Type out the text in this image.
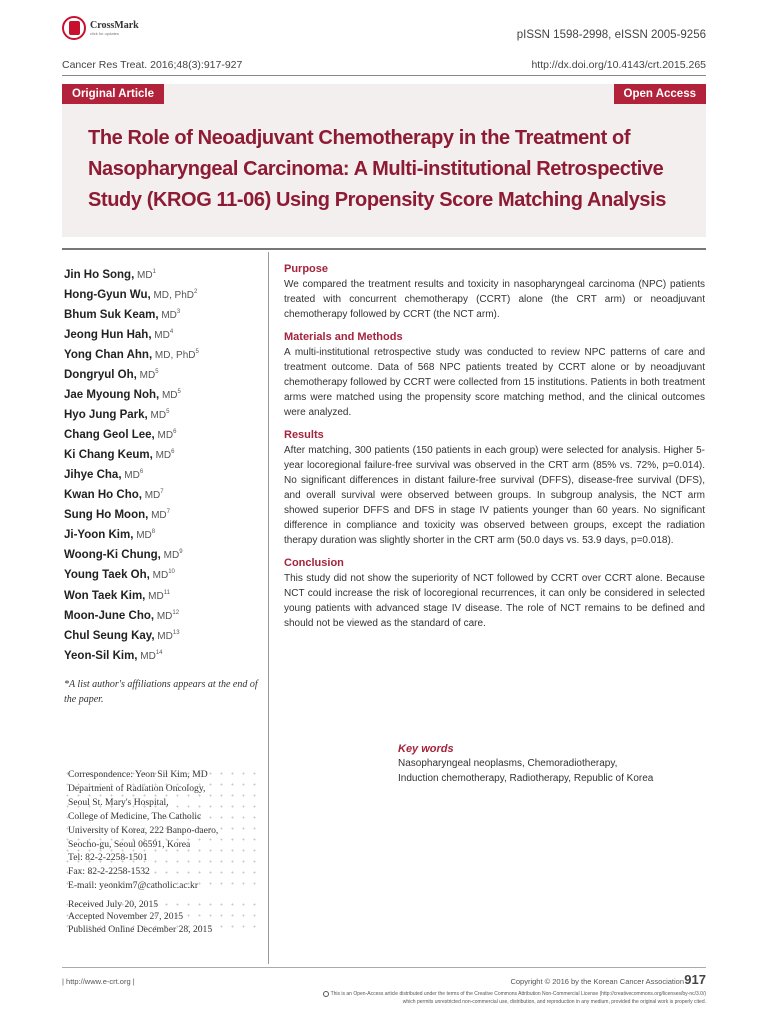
CrossMark
click for updates	pISSN 1598-2998, eISSN 2005-9256
Cancer Res Treat. 2016;48(3):917-927	http://dx.doi.org/10.4143/crt.2015.265
Original Article	Open Access
The Role of Neoadjuvant Chemotherapy in the Treatment of Nasopharyngeal Carcinoma: A Multi-institutional Retrospective Study (KROG 11-06) Using Propensity Score Matching Analysis
Jin Ho Song, $MD^1$
Hong-Gyun Wu, MD, PhD$^2$
Bhum Suk Keam, $MD^3$
Jeong Hun Hah, $MD^4$
Yong Chan Ahn, MD, PhD$^5$
Dongryul Oh, $MD^5$
Jae Myoung Noh, $MD^5$
Hyo Jung Park, $MD^5$
Chang Geol Lee, $MD^6$
Ki Chang Keum, $MD^6$
Jihye Cha, $MD^6$
Kwan Ho Cho, $MD^7$
Sung Ho Moon, $MD^7$
Ji-Yoon Kim, $MD^8$
Woong-Ki Chung, $MD^9$
Young Taek Oh, MD$^{10}$
Won Taek Kim, MD$^{11}$
Moon-June Cho, MD$^{12}$
Chul Seung Kay, MD$^{13}$
Yeon-Sil Kim, MD$^{14}$
*A list author's affiliations appears at the end of the paper.
Correspondence: Yeon Sil Kim, MD
Department of Radiation Oncology,
Seoul St. Mary's Hospital,
College of Medicine, The Catholic
University of Korea, 222 Banpo-daero,
Seocho-gu, Seoul 06591, Korea
Tel: 82-2-2258-1501
Fax: 82-2-2258-1532
E-mail: yeonkim7@catholic.ac.kr
Received July 20, 2015
Accepted November 27, 2015
Published Online December 28, 2015
Purpose
We compared the treatment results and toxicity in nasopharyngeal carcinoma (NPC) patients treated with concurrent chemotherapy (CCRT) alone (the CRT arm) or neoadjuvant chemotherapy followed by CCRT (the NCT arm).
Materials and Methods
A multi-institutional retrospective study was conducted to review NPC patterns of care and treatment outcome. Data of 568 NPC patients treated by CCRT alone or by neoadjuvant chemotherapy followed by CCRT were collected from 15 institutions. Patients in both treatment arms were matched using the propensity score matching method, and the clinical outcomes were analyzed.
Results
After matching, 300 patients (150 patients in each group) were selected for analysis. Higher 5-year locoregional failure-free survival was observed in the CRT arm (85% vs. 72%, p=0.014). No significant differences in distant failure-free survival (DFFS), disease-free survival (DFS), and overall survival were observed between groups. In subgroup analysis, the NCT arm showed superior DFFS and DFS in stage IV patients younger than 60 years. No significant difference in compliance and toxicity was observed between groups, except the radiation therapy duration was slightly shorter in the CRT arm (50.0 days vs. 53.9 days, p=0.018).
Conclusion
This study did not show the superiority of NCT followed by CCRT over CCRT alone. Because NCT could increase the risk of locoregional recurrences, it can only be considered in selected young patients with advanced stage IV disease. The role of NCT remains to be defined and should not be viewed as the standard of care.
Key words
Nasopharyngeal neoplasms, Chemoradiotherapy,
Induction chemotherapy, Radiotherapy, Republic of Korea
| http://www.e-crt.org |	Copyright © 2016 by the Korean Cancer Association 917
This is an Open-Access article distributed under the terms of the Creative Commons Attribution Non-Commercial License (http://creativecommons.org/licenses/by-nc/3.0/)
which permits unrestricted non-commercial use, distribution, and reproduction in any medium, provided the original work is properly cited.
